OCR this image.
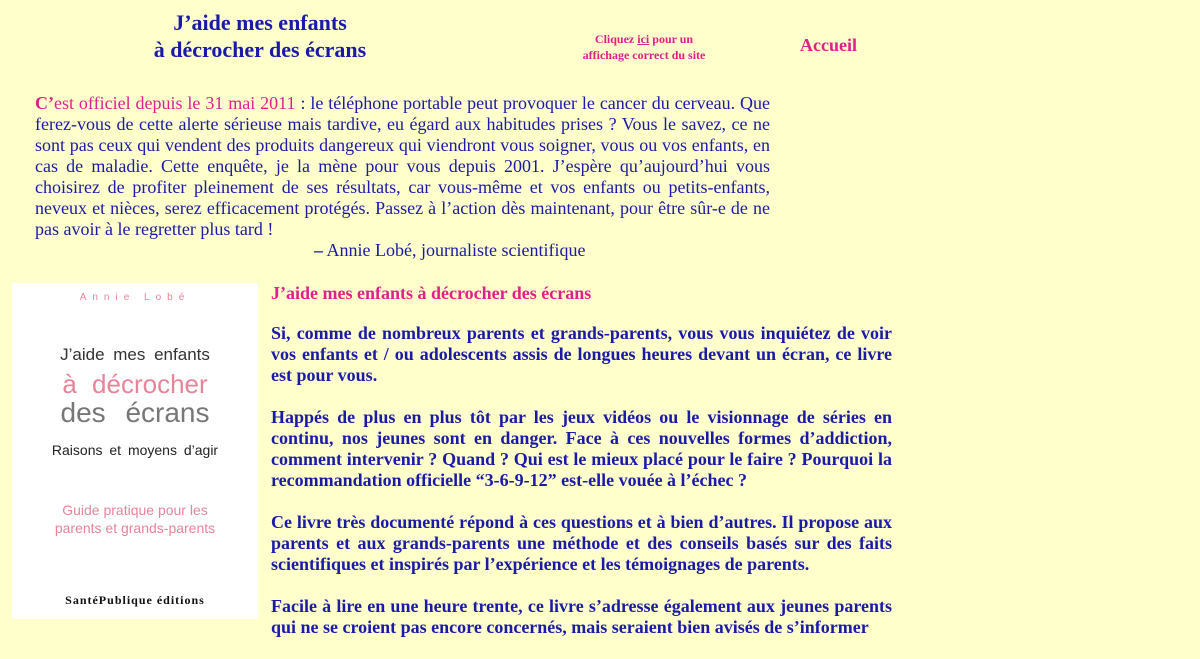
J’aide mes enfants
à décrocher des écrans	Cliquez ici pour un
affichage correct du site	Accueil

C’est officiel depuis le 31 mai 2011 : le téléphone portable peut provoquer le cancer du cerveau. Que ferez-vous de cette alerte sérieuse mais tardive, eu égard aux habitudes prises ? Vous le savez, ce ne sont pas ceux qui vendent des produits dangereux qui viendront vous soigner, vous ou vos enfants, en cas de maladie. Cette enquête, je la mène pour vous depuis 2001. J’espère qu’aujourd’hui vous choisirez de profiter pleinement de ses résultats, car vous-même et vos enfants ou petits-enfants, neveux et nièces, serez efficacement protégés. Passez à l’action dès maintenant, pour être sûr-e de ne pas avoir à le regretter plus tard !

– Annie Lobé, journaliste scientifique
Annie Lobé
J’aide mes enfants
à décrocher
des écrans
Raisons et moyens d’agir
Guide pratique pour les
parents et grands-parents
SantéPublique éditions
J’aide mes enfants à décrocher des écrans

Si, comme de nombreux parents et grands-parents, vous vous inquiétez de voir vos enfants et / ou adolescents assis de longues heures devant un écran, ce livre est pour vous.

Happés de plus en plus tôt par les jeux vidéos ou le visionnage de séries en continu, nos jeunes sont en danger. Face à ces nouvelles formes d’addiction, comment intervenir ? Quand ? Qui est le mieux placé pour le faire ? Pourquoi la recommandation officielle “3-6-9-12” est-elle vouée à l’échec ?

Ce livre très documenté répond à ces questions et à bien d’autres. Il propose aux parents et aux grands-parents une méthode et des conseils basés sur des faits scientifiques et inspirés par l’expérience et les témoignages de parents.

Facile à lire en une heure trente, ce livre s’adresse également aux jeunes parents qui ne se croient pas encore concernés, mais seraient bien avisés de s’informer
